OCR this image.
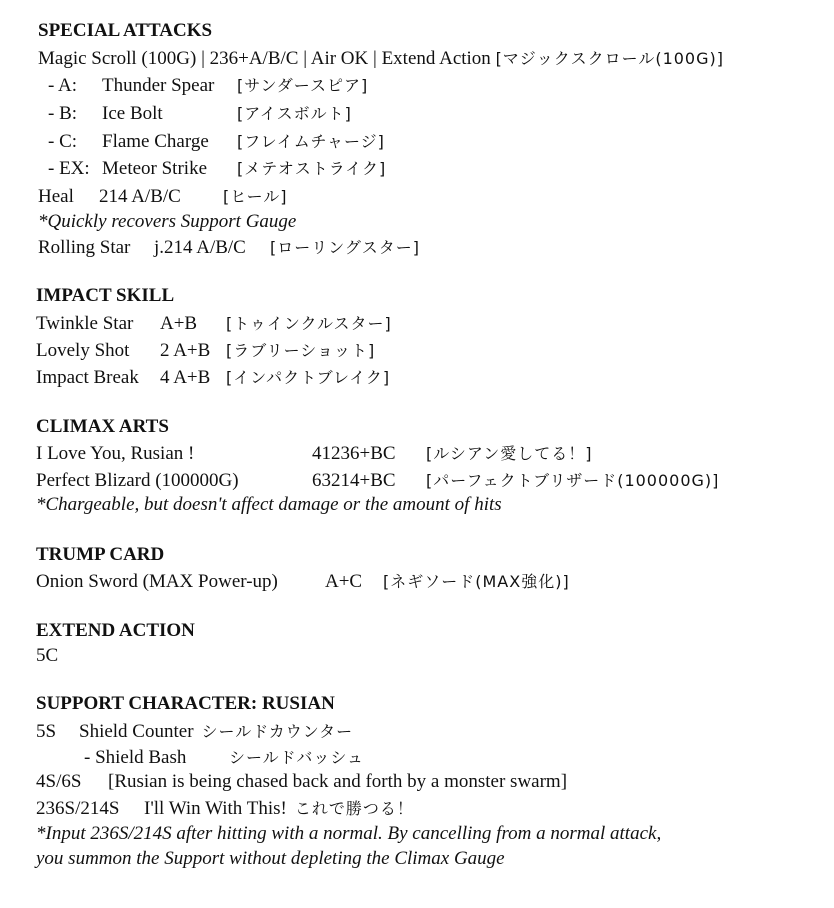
SPECIAL ATTACKS
Magic Scroll (100G) | 236+A/B/C | Air OK | Extend Action [マジックスクロール(100G)]
- A: Thunder Spear [サンダースピア]
- B: Ice Bolt	[アイスボルト]
- C: Flame Charge [フレイムチャージ]
- EX: Meteor Strike [メテオストライク]
Heal 214 A/B/C	[ヒール]
*Quickly recovers Support Gauge
Rolling Star j.214 A/B/C [ローリングスター]
IMPACT SKILL
Twinkle Star A+B [トゥインクルスター]
Lovely Shot 2 A+B [ラブリーショット]
Impact Break 4 A+B [インパクトブレイク]
CLIMAX ARTS
I Love You, Rusian !	41236+BC [ルシアン愛してる！]
Perfect Blizard (100000G)	63214+BC [パーフェクトブリザード(100000G)]
*Chargeable, but doesn't affect damage or the amount of hits
TRUMP CARD
Onion Sword (MAX Power-up) A+C [ネギソード(MAX強化)]
EXTEND ACTION
5C
SUPPORT CHARACTER: RUSIAN
5S Shield Counter シールドカウンター
- Shield Bash	シールドバッシュ
4S/6S [Rusian is being chased back and forth by a monster swarm]
236S/214S I'll Win With This! これで勝つる！
*Input 236S/214S after hitting with a normal. By cancelling from a normal attack,
you summon the Support without depleting the Climax Gauge
